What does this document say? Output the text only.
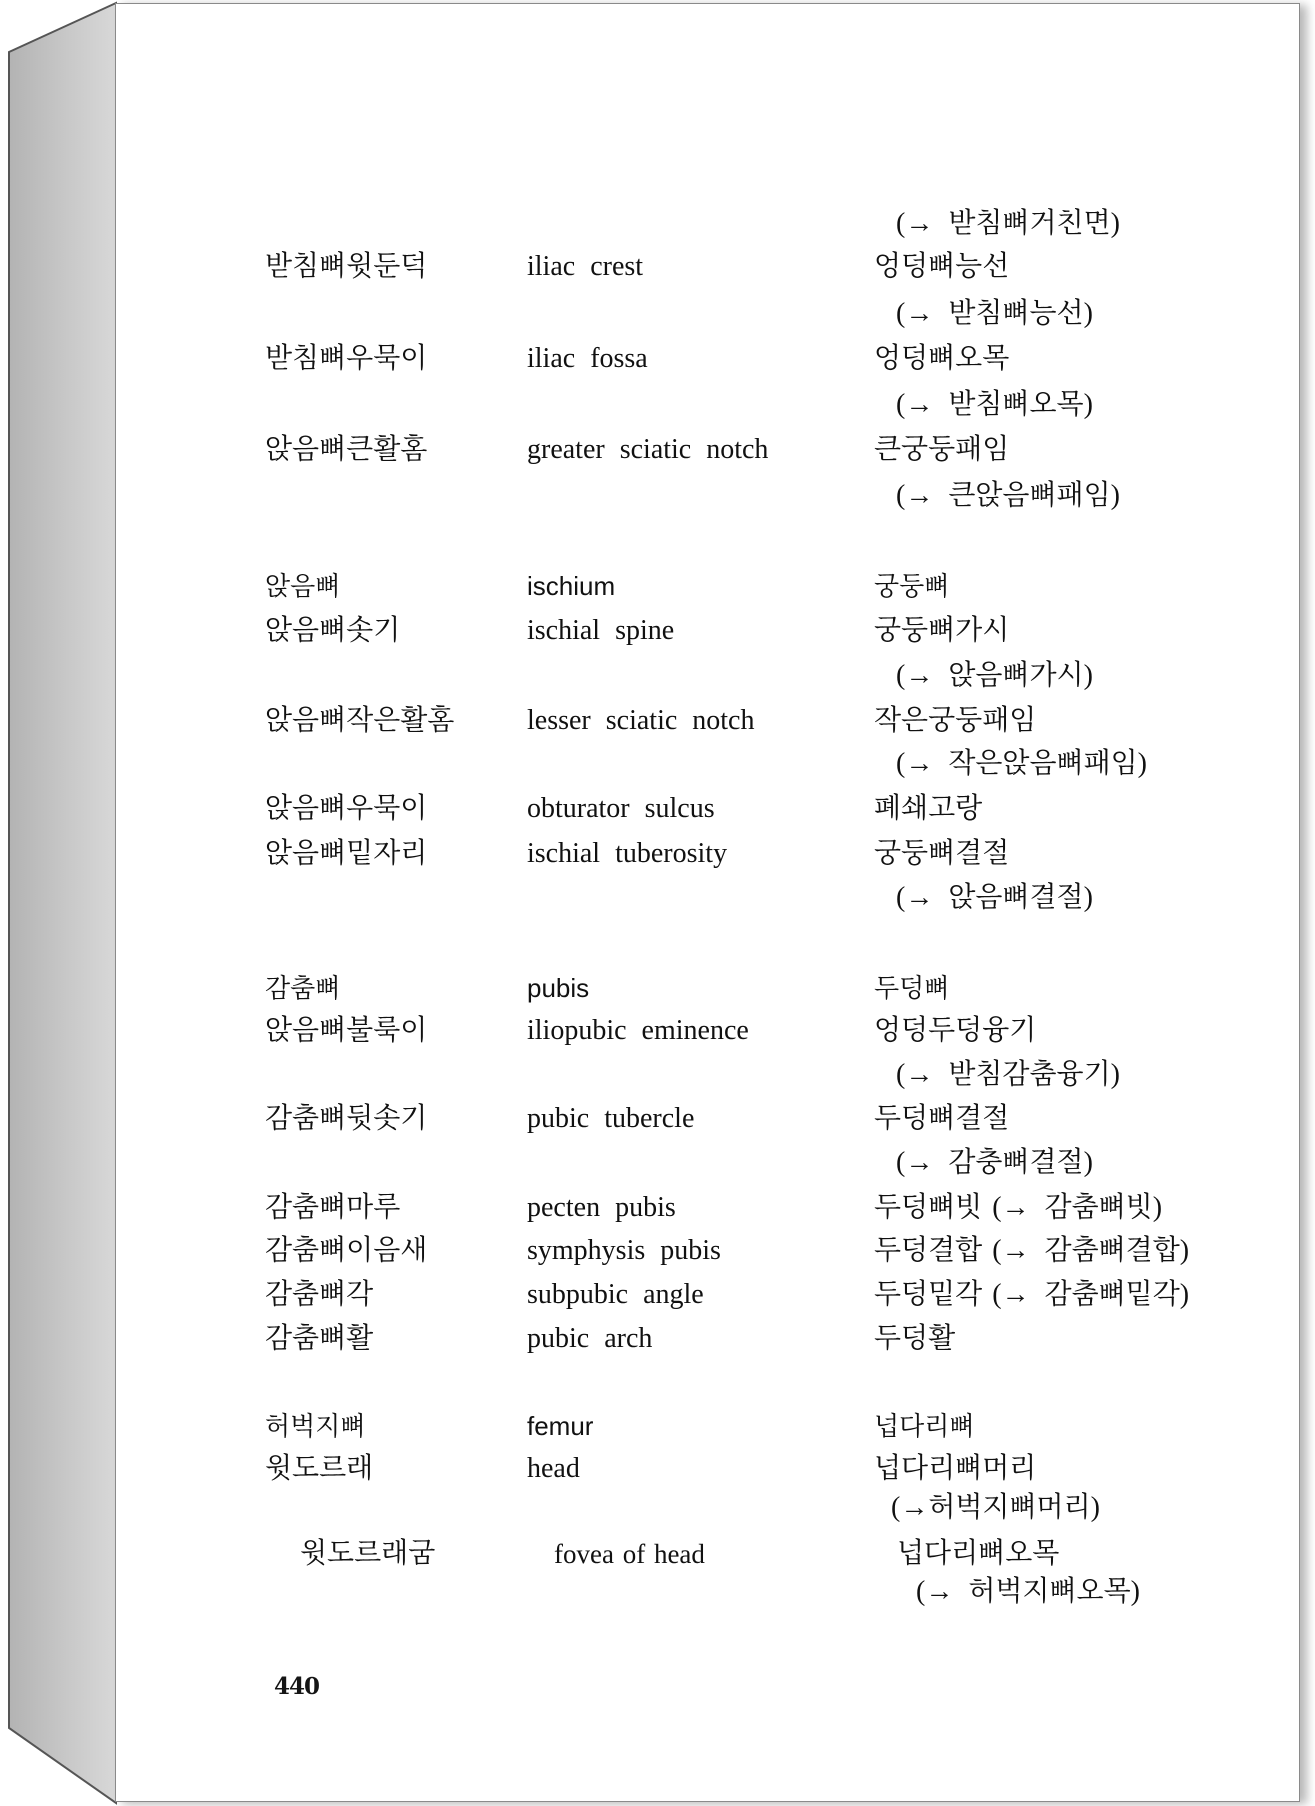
(→ 받침뼈거친면)
받침뼈윗둔덕	iliac crest	엉덩뼈능선
(→ 받침뼈능선)
받침뼈우묵이	iliac fossa	엉덩뼈오목
(→ 받침뼈오목)
앉음뼈큰활홈	greater sciatic notch	큰궁둥패임
(→ 큰앉음뼈패임)
앉음뼈	ischium	궁둥뼈
앉음뼈솟기	ischial spine	궁둥뼈가시
(→ 앉음뼈가시)
앉음뼈작은활홈	lesser sciatic notch	작은궁둥패임
(→ 작은앉음뼈패임)
앉음뼈우묵이	obturator sulcus	폐쇄고랑
앉음뼈밑자리	ischial tuberosity	궁둥뼈결절
(→ 앉음뼈결절)
감춤뼈	pubis	두덩뼈
앉음뼈불룩이	iliopubic eminence	엉덩두덩융기
(→ 받침감춤융기)
감춤뼈뒷솟기	pubic tubercle	두덩뼈결절
(→ 감충뼈결절)
감춤뼈마루	pecten pubis	두덩뼈빗 (→ 감춤뼈빗)
감춤뼈이음새	symphysis pubis	두덩결합 (→ 감춤뼈결합)
감춤뼈각	subpubic angle	두덩밑각 (→ 감춤뼈밑각)
감춤뼈활	pubic arch	두덩활
허벅지뼈	femur	넙다리뼈
윗도르래	head	넙다리뼈머리
(→허벅지뼈머리)
윗도르래굼	fovea of head	넙다리뼈오목
(→ 허벅지뼈오목)
440
